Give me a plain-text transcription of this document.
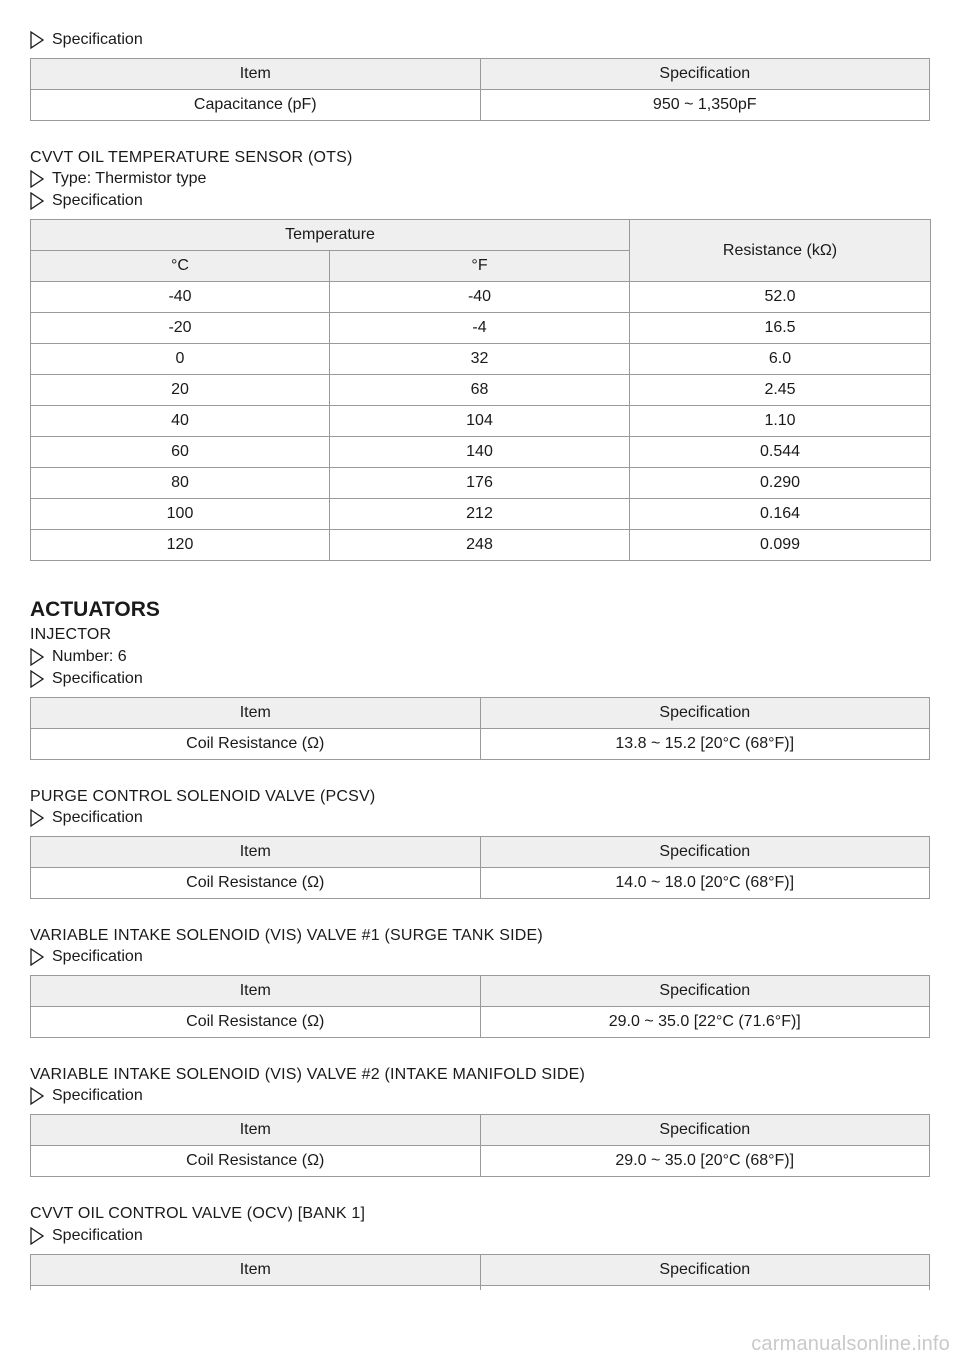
Specification
Item	Specification
Capacitance (pF)	950 ~ 1,350pF
CVVT OIL TEMPERATURE SENSOR (OTS)
Type: Thermistor type
Specification
Temperature		Resistance (kΩ)
°C	°F	
-40	-40	52.0
-20	-4	16.5
0	32	6.0
20	68	2.45
40	104	1.10
60	140	0.544
80	176	0.290
100	212	0.164
120	248	0.099
ACTUATORS
INJECTOR
Number: 6
Specification
Item	Specification
Coil Resistance (Ω)	13.8 ~ 15.2 [20°C (68°F)]
PURGE CONTROL SOLENOID VALVE (PCSV)
Specification
Item	Specification
Coil Resistance (Ω)	14.0 ~ 18.0 [20°C (68°F)]
VARIABLE INTAKE SOLENOID (VIS) VALVE #1 (SURGE TANK SIDE)
Specification
Item	Specification
Coil Resistance (Ω)	29.0 ~ 35.0 [22°C (71.6°F)]
VARIABLE INTAKE SOLENOID (VIS) VALVE #2 (INTAKE MANIFOLD SIDE)
Specification
Item	Specification
Coil Resistance (Ω)	29.0 ~ 35.0 [20°C (68°F)]
CVVT OIL CONTROL VALVE (OCV) [BANK 1]
Specification
Item	Specification

carmanualsonline.info
